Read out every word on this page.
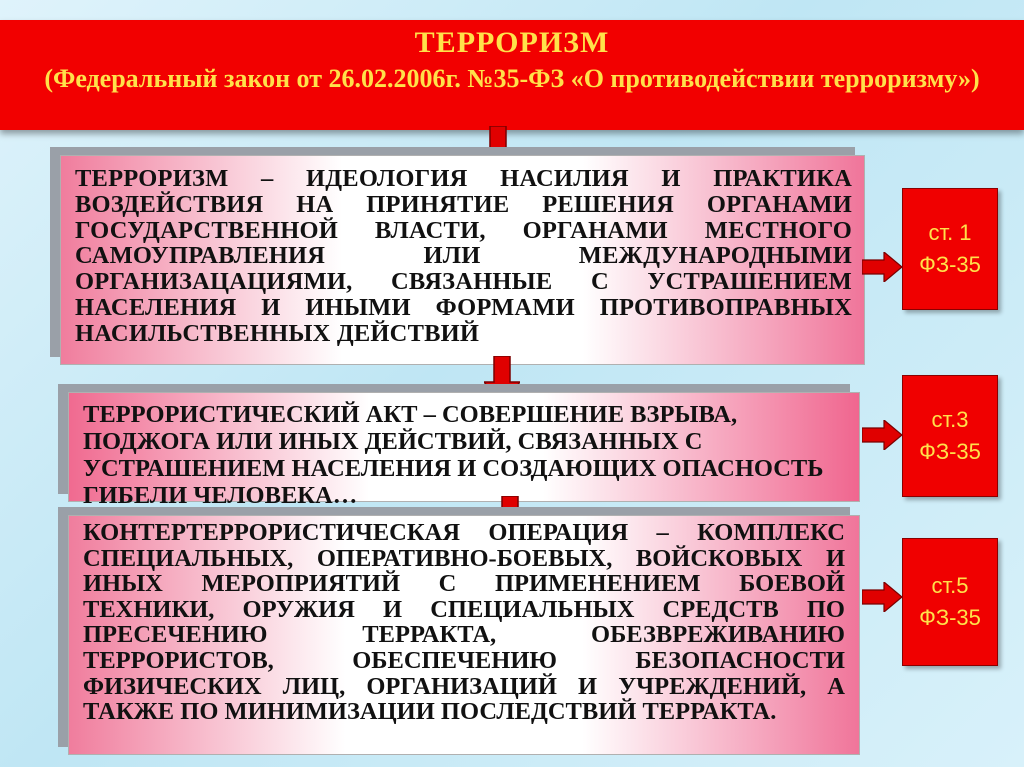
ТЕРРОРИЗМ
(Федеральный закон от 26.02.2006г. №35-ФЗ «О противодействии терроризму»)
ТЕРРОРИЗМ – ИДЕОЛОГИЯ НАСИЛИЯ И ПРАКТИКА ВОЗДЕЙСТВИЯ НА ПРИНЯТИЕ РЕШЕНИЯ ОРГАНАМИ ГОСУДАРСТВЕННОЙ ВЛАСТИ, ОРГАНАМИ МЕСТНОГО САМОУПРАВЛЕНИЯ ИЛИ МЕЖДУНАРОДНЫМИ ОРГАНИЗАЦАЦИЯМИ, СВЯЗАННЫЕ С УСТРАШЕНИЕМ НАСЕЛЕНИЯ И ИНЫМИ ФОРМАМИ ПРОТИВОПРАВНЫХ НАСИЛЬСТВЕННЫХ ДЕЙСТВИЙ
ТЕРРОРИСТИЧЕСКИЙ АКТ – СОВЕРШЕНИЕ ВЗРЫВА, ПОДЖОГА ИЛИ ИНЫХ ДЕЙСТВИЙ, СВЯЗАННЫХ С УСТРАШЕНИЕМ НАСЕЛЕНИЯ И СОЗДАЮЩИХ ОПАСНОСТЬ ГИБЕЛИ ЧЕЛОВЕКА…
КОНТЕРТЕРРОРИСТИЧЕСКАЯ ОПЕРАЦИЯ – КОМПЛЕКС СПЕЦИАЛЬНЫХ, ОПЕРАТИВНО-БОЕВЫХ, ВОЙСКОВЫХ И ИНЫХ МЕРОПРИЯТИЙ С ПРИМЕНЕНИЕМ БОЕВОЙ ТЕХНИКИ, ОРУЖИЯ И СПЕЦИАЛЬНЫХ СРЕДСТВ ПО ПРЕСЕЧЕНИЮ ТЕРРАКТА, ОБЕЗВРЕЖИВАНИЮ ТЕРРОРИСТОВ, ОБЕСПЕЧЕНИЮ БЕЗОПАСНОСТИ ФИЗИЧЕСКИХ ЛИЦ, ОРГАНИЗАЦИЙ И УЧРЕЖДЕНИЙ, А ТАКЖЕ ПО МИНИМИЗАЦИИ ПОСЛЕДСТВИЙ ТЕРРАКТА.
ст. 1
ФЗ-35
ст.3
ФЗ-35
ст.5
ФЗ-35
